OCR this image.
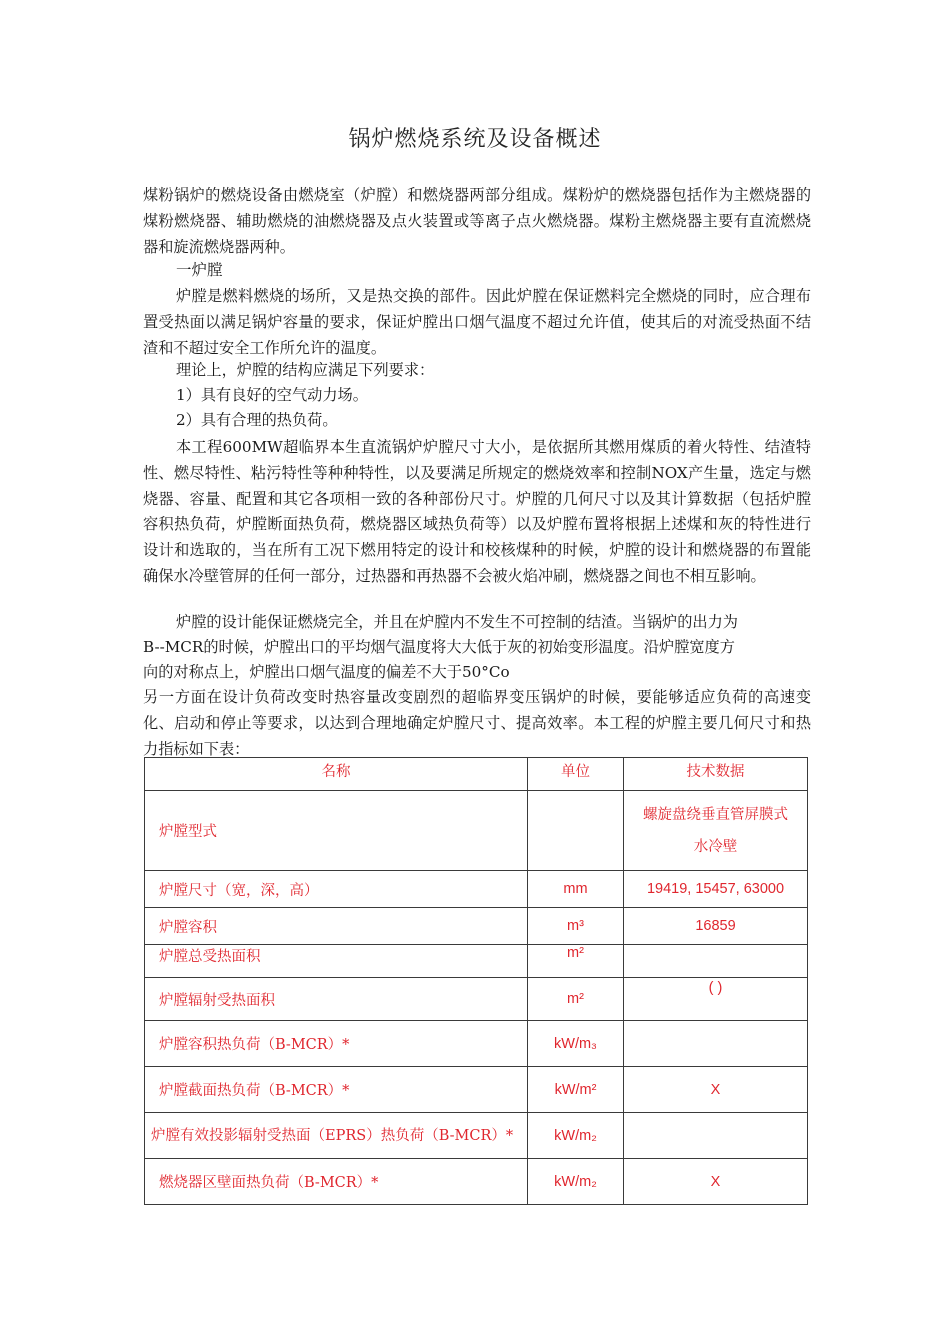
锅炉燃烧系统及设备概述
煤粉锅炉的燃烧设备由燃烧室（炉膛）和燃烧器两部分组成。煤粉炉的燃烧器包括作为主燃烧器的煤粉燃烧器、辅助燃烧的油燃烧器及点火装置或等离子点火燃烧器。煤粉主燃烧器主要有直流燃烧器和旋流燃烧器两种。
一炉膛
炉膛是燃料燃烧的场所，又是热交换的部件。因此炉膛在保证燃料完全燃烧的同时，应合理布置受热面以满足锅炉容量的要求，保证炉膛出口烟气温度不超过允许值，使其后的对流受热面不结渣和不超过安全工作所允许的温度。
理论上，炉膛的结构应满足下列要求：
1）具有良好的空气动力场。
2）具有合理的热负荷。
本工程600MW超临界本生直流锅炉炉膛尺寸大小，是依据所其燃用煤质的着火特性、结渣特性、燃尽特性、粘污特性等种种特性，以及要满足所规定的燃烧效率和控制NOX产生量，选定与燃烧器、容量、配置和其它各项相一致的各种部份尺寸。炉膛的几何尺寸以及其计算数据（包括炉膛容积热负荷，炉膛断面热负荷，燃烧器区域热负荷等）以及炉膛布置将根据上述煤和灰的特性进行设计和选取的，当在所有工况下燃用特定的设计和校核煤种的时候，炉膛的设计和燃烧器的布置能确保水冷壁管屏的任何一部分，过热器和再热器不会被火焰冲刷，燃烧器之间也不相互影响。
炉膛的设计能保证燃烧完全，并且在炉膛内不发生不可控制的结渣。当锅炉的出力为
B--MCR的时候，炉膛出口的平均烟气温度将大大低于灰的初始变形温度。沿炉膛宽度方
向的对称点上，炉膛出口烟气温度的偏差不大于50°Co
另一方面在设计负荷改变时热容量改变剧烈的超临界变压锅炉的时候，要能够适应负荷的高速变化、启动和停止等要求，以达到合理地确定炉膛尺寸、提高效率。本工程的炉膛主要几何尺寸和热力指标如下表：
名称	单位	技术数据
炉膛型式		螺旋盘绕垂直管屏膜式水冷壁
炉膛尺寸（宽，深，高）	mm	19419, 15457, 63000
炉膛容积	m³	16859
炉膛总受热面积	m²	
炉膛辐射受热面积	m²	( )
炉膛容积热负荷（B-MCR）*	kW/m₃	
炉膛截面热负荷（B-MCR）*	kW/m²	X
炉膛有效投影辐射受热面（EPRS）热负荷（B-MCR）*	kW/m₂	
燃烧器区壁面热负荷（B-MCR）*	kW/m₂	X
